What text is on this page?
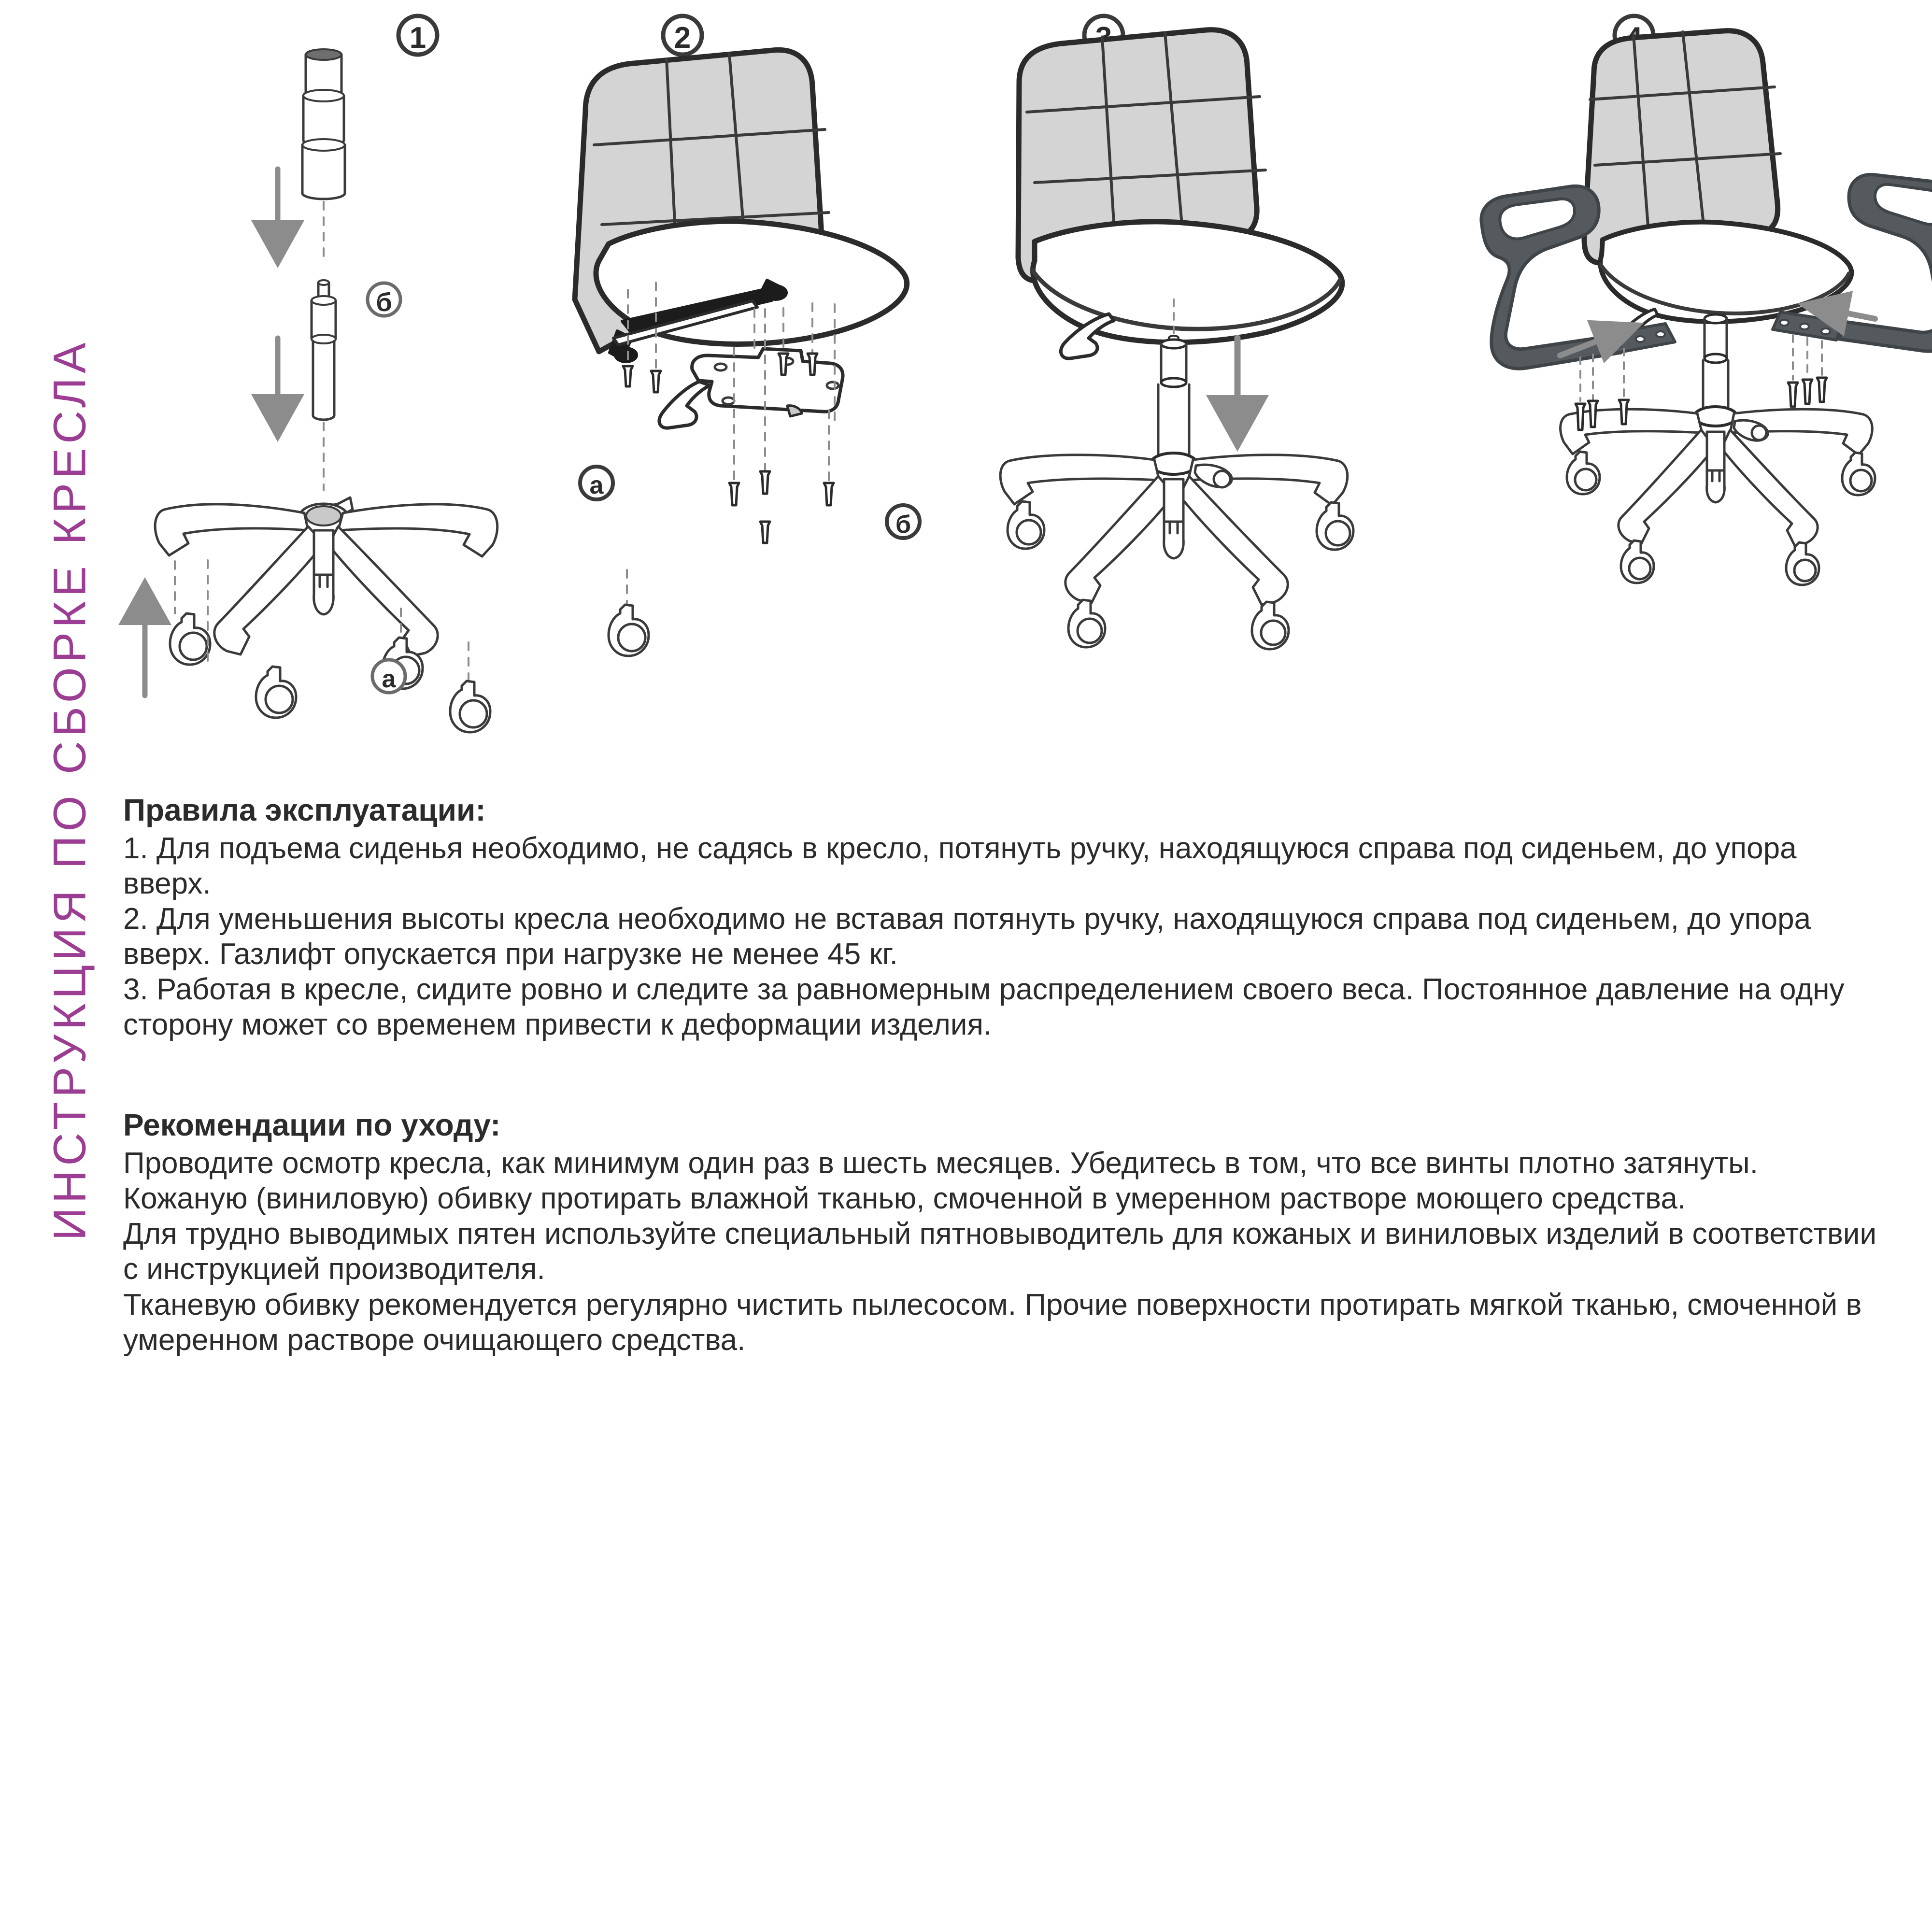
ИНСТРУКЦИЯ ПО СБОРКЕ КРЕСЛА
1
б
а
2
а
б
Правила эксплуатации:

1. Для подъема сиденья необходимо, не садясь в кресло, потянуть ручку, находящуюся справа под сиденьем, до упора вверх.

2. Для уменьшения высоты кресла необходимо не вставая потянуть ручку, находящуюся справа под сиденьем, до упора вверх. Газлифт опускается при нагрузке не менее 45 кг.

3. Работая в кресле, сидите ровно и следите за равномерным распределением своего веса. Постоянное давление на одну сторону может со временем привести к деформации изделия.

Рекомендации по уходу:

Проводите осмотр кресла, как минимум один раз в шесть месяцев. Убедитесь в том, что все винты плотно затянуты.

Кожаную (виниловую) обивку протирать влажной тканью, смоченной в умеренном растворе моющего средства.

Для трудно выводимых пятен используйте специальный пятновыводитель для кожаных и виниловых изделий в соответствии с инструкцией производителя.

Тканевую обивку рекомендуется регулярно чистить пылесосом. Прочие поверхности протирать мягкой тканью, смоченной в умеренном растворе очищающего средства.
